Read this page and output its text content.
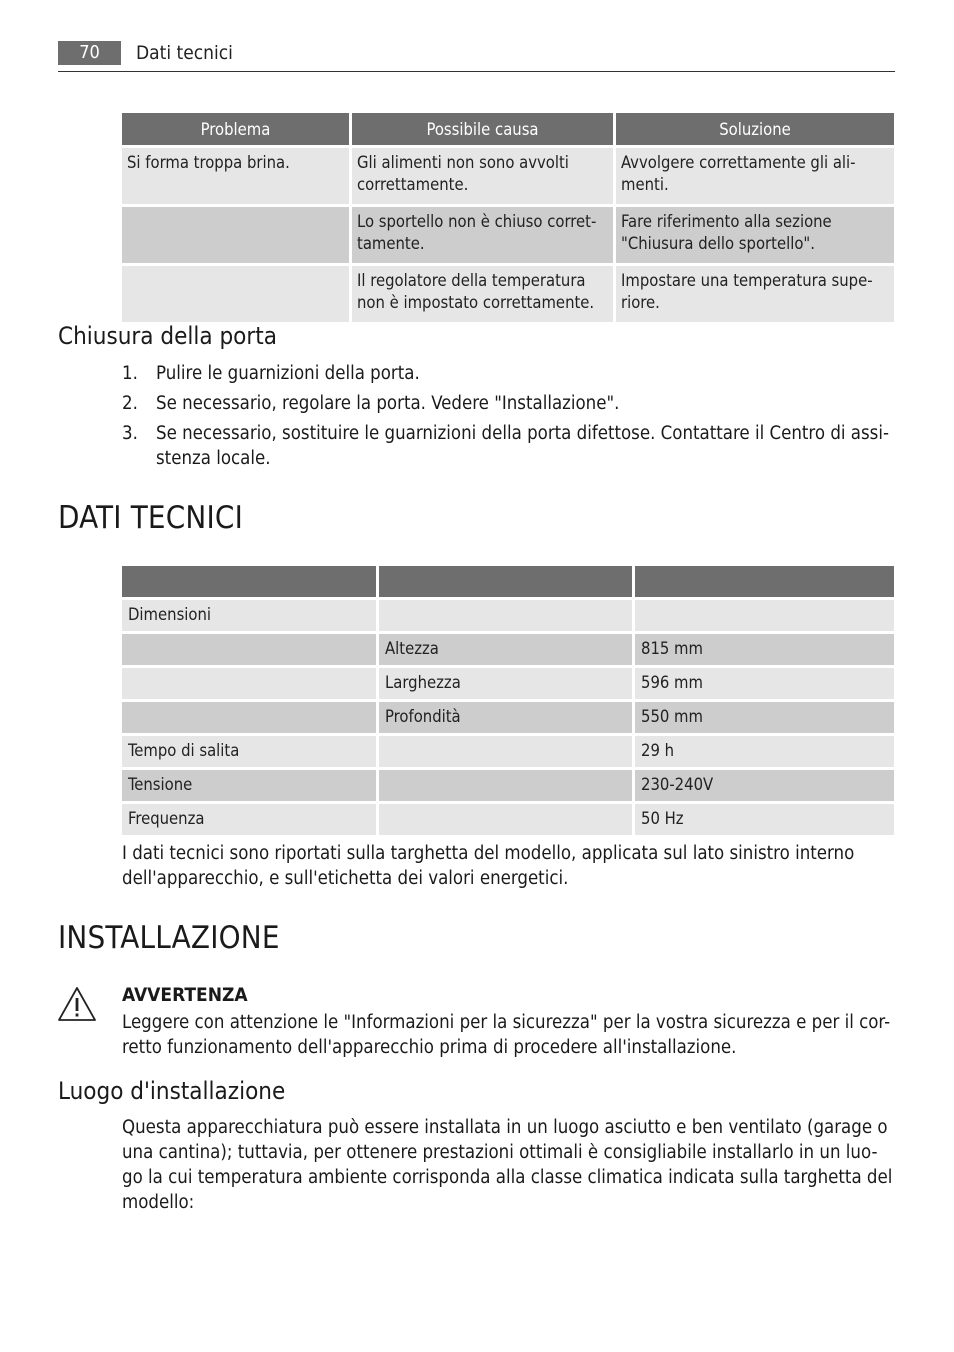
70	Dati tecnici
Problema	Possibile causa	Soluzione
Si forma troppa brina.	Gli alimenti non sono avvolti correttamente.	Avvolgere correttamente gli ali-menti.
	Lo sportello non è chiuso corret-tamente.	Fare riferimento alla sezione "Chiusura dello sportello".
	Il regolatore della temperatura non è impostato correttamente.	Impostare una temperatura supe-riore.
Chiusura della porta
1. Pulire le guarnizioni della porta.
2. Se necessario, regolare la porta. Vedere "Installazione".
3. Se necessario, sostituire le guarnizioni della porta difettose. Contattare il Centro di assi-stenza locale.
DATI TECNICI

Dimensioni		
	Altezza	815 mm
	Larghezza	596 mm
	Profondità	550 mm
Tempo di salita		29 h
Tensione		230-240V
Frequenza		50 Hz
I dati tecnici sono riportati sulla targhetta del modello, applicata sul lato sinistro interno dell'apparecchio, e sull'etichetta dei valori energetici.
INSTALLAZIONE
AVVERTENZA
Leggere con attenzione le "Informazioni per la sicurezza" per la vostra sicurezza e per il cor-retto funzionamento dell'apparecchio prima di procedere all'installazione.
Luogo d'installazione
Questa apparecchiatura può essere installata in un luogo asciutto e ben ventilato (garage o una cantina); tuttavia, per ottenere prestazioni ottimali è consigliabile installarlo in un luo-go la cui temperatura ambiente corrisponda alla classe climatica indicata sulla targhetta del modello:
